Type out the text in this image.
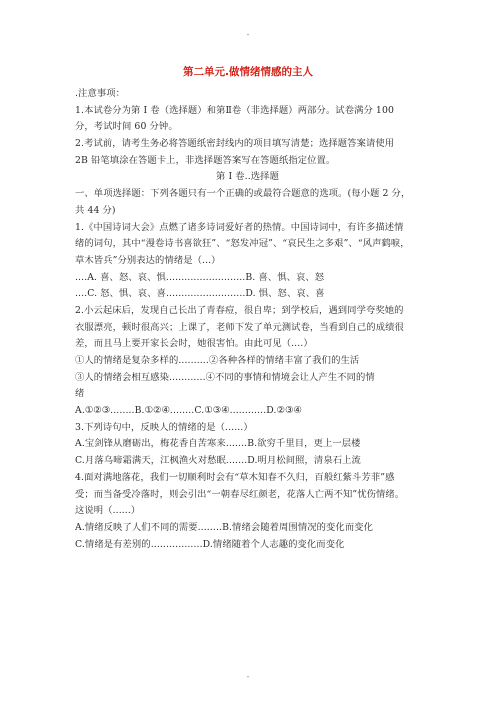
-
第二单元.做情绪情感的主人
.注意事项：
1.本试卷分为第 I 卷（选择题）和第Ⅱ卷（非选择题）两部分。试卷满分 100
分，考试时间 60 分钟。
2.考试前，请考生务必将答题纸密封线内的项目填写清楚；选择题答案请使用
2B 铅笔填涂在答题卡上，非选择题答案写在答题纸指定位置。
第 I 卷..选择题
一、单项选择题：下列各题只有一个正确的或最符合题意的选项。(每小题 2 分，
共 44 分)
1.《中国诗词大会》点燃了诸多诗词爱好者的热情。中国诗词中，有许多描述情
绪的词句，其中“漫卷诗书喜欲狂”、“怒发冲冠”、“哀民生之多艰”、“风声鹤唳，
草木皆兵”分别表达的情绪是（...）
....A. 喜、怒、哀、惧..........................B. 喜、惧、哀、怒
....C. 怒、惧、哀、喜..........................D. 惧、怒、哀、喜
2.小云起床后，发现自己长出了青春痘，很自卑；到学校后，遇到同学夸奖她的
衣服漂亮，顿时很高兴；上课了，老师下发了单元测试卷，当看到自己的成绩很
差，而且马上要开家长会时，她很害怕。由此可见（....）
①人的情绪是复杂多样的..........②各种各样的情绪丰富了我们的生活
③人的情绪会相互感染............④不同的事情和情境会让人产生不同的情
绪
A.①②③........B.①②④........C.①③④............D.②③④
3.下列诗句中，反映人的情绪的是（......）
A.宝剑锋从磨砺出，梅花香自苦寒来.......B.欲穷千里目，更上一层楼
C.月落乌啼霜满天，江枫渔火对愁眠.......D.明月松间照，清泉石上流
4.面对满地落花，我们一切顺利时会有“草木知春不久归，百般红紫斗芳菲”感
受；而当备受冷落时，则会引出“一朝春尽红颜老，花落人亡两不知”忧伤情绪。
这说明（......）
A.情绪反映了人们不同的需要........B.情绪会随着周围情况的变化而变化
C.情绪是有差别的.................D.情绪随着个人志趣的变化而变化
-
